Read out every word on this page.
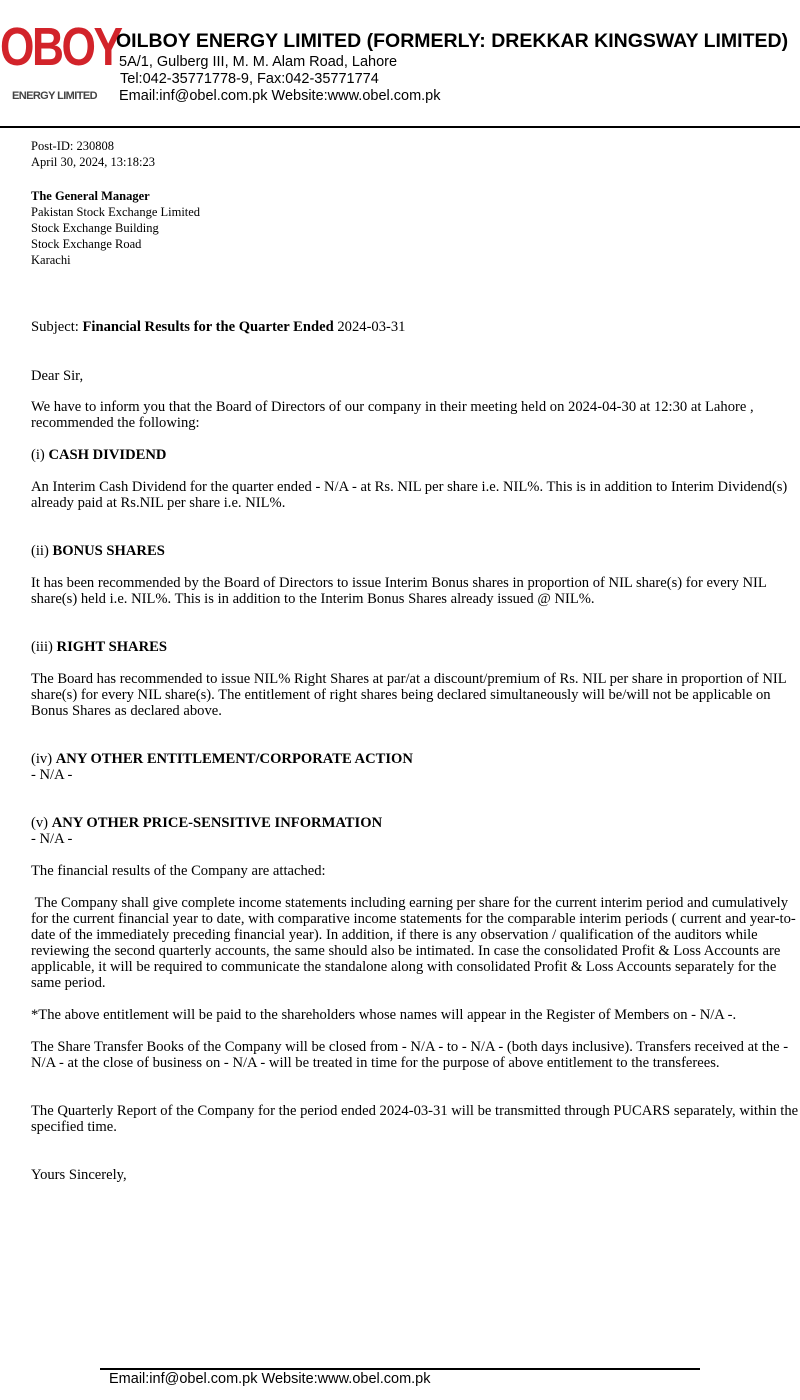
OBOY
ENERGY LIMITED
OILBOY ENERGY LIMITED (FORMERLY: DREKKAR KINGSWAY LIMITED)
5A/1, Gulberg III, M. M. Alam Road, Lahore
Tel:042-35771778-9, Fax:042-35771774
Email:inf@obel.com.pk Website:www.obel.com.pk
Post-ID: 230808
April 30, 2024, 13:18:23
The General Manager
Pakistan Stock Exchange Limited
Stock Exchange Building
Stock Exchange Road
Karachi
Subject: Financial Results for the Quarter Ended 2024-03-31
Dear Sir,
We have to inform you that the Board of Directors of our company in their meeting held on 2024-04-30 at 12:30 at Lahore , recommended the following:
(i) CASH DIVIDEND
An Interim Cash Dividend for the quarter ended - N/A - at Rs. NIL per share i.e. NIL%. This is in addition to Interim Dividend(s) already paid at Rs.NIL per share i.e. NIL%.
(ii) BONUS SHARES
It has been recommended by the Board of Directors to issue Interim Bonus shares in proportion of NIL share(s) for every NIL share(s) held i.e. NIL%. This is in addition to the Interim Bonus Shares already issued @ NIL%.
(iii) RIGHT SHARES
The Board has recommended to issue NIL% Right Shares at par/at a discount/premium of Rs. NIL per share in proportion of NIL share(s) for every NIL share(s). The entitlement of right shares being declared simultaneously will be/will not be applicable on Bonus Shares as declared above.
(iv) ANY OTHER ENTITLEMENT/CORPORATE ACTION
- N/A -
(v) ANY OTHER PRICE-SENSITIVE INFORMATION
- N/A -
The financial results of the Company are attached:
The Company shall give complete income statements including earning per share for the current interim period and cumulatively for the current financial year to date, with comparative income statements for the comparable interim periods ( current and year-to-date of the immediately preceding financial year). In addition, if there is any observation / qualification of the auditors while reviewing the second quarterly accounts, the same should also be intimated. In case the consolidated Profit & Loss Accounts are applicable, it will be required to communicate the standalone along with consolidated Profit & Loss Accounts separately for the same period.
*The above entitlement will be paid to the shareholders whose names will appear in the Register of Members on - N/A -.
The Share Transfer Books of the Company will be closed from - N/A - to - N/A - (both days inclusive). Transfers received at the - N/A - at the close of business on - N/A - will be treated in time for the purpose of above entitlement to the transferees.
The Quarterly Report of the Company for the period ended 2024-03-31 will be transmitted through PUCARS separately, within the specified time.
Yours Sincerely,
Email:inf@obel.com.pk Website:www.obel.com.pk
